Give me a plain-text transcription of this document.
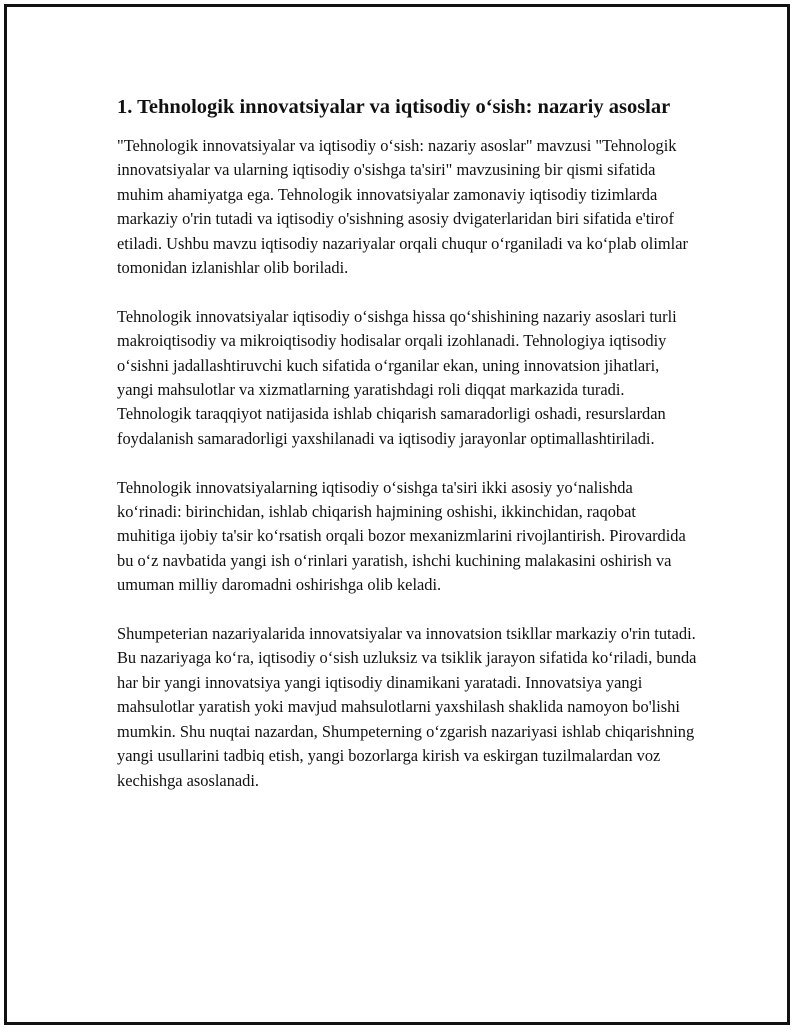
1. Tehnologik innovatsiyalar va iqtisodiy o‘sish: nazariy asoslar

"Tehnologik innovatsiyalar va iqtisodiy o‘sish: nazariy asoslar" mavzusi "Tehnologik innovatsiyalar va ularning iqtisodiy o'sishga ta'siri" mavzusining bir qismi sifatida muhim ahamiyatga ega. Tehnologik innovatsiyalar zamonaviy iqtisodiy tizimlarda markaziy o'rin tutadi va iqtisodiy o'sishning asosiy dvigaterlaridan biri sifatida e'tirof etiladi. Ushbu mavzu iqtisodiy nazariyalar orqali chuqur o‘rganiladi va ko‘plab olimlar tomonidan izlanishlar olib boriladi.

Tehnologik innovatsiyalar iqtisodiy o‘sishga hissa qo‘shishining nazariy asoslari turli makroiqtisodiy va mikroiqtisodiy hodisalar orqali izohlanadi. Tehnologiya iqtisodiy o‘sishni jadallashtiruvchi kuch sifatida o‘rganilar ekan, uning innovatsion jihatlari, yangi mahsulotlar va xizmatlarning yaratishdagi roli diqqat markazida turadi. Tehnologik taraqqiyot natijasida ishlab chiqarish samaradorligi oshadi, resurslardan foydalanish samaradorligi yaxshilanadi va iqtisodiy jarayonlar optimallashtiriladi.

Tehnologik innovatsiyalarning iqtisodiy o‘sishga ta'siri ikki asosiy yo‘nalishda ko‘rinadi: birinchidan, ishlab chiqarish hajmining oshishi, ikkinchidan, raqobat muhitiga ijobiy ta'sir ko‘rsatish orqali bozor mexanizmlarini rivojlantirish. Pirovardida bu o‘z navbatida yangi ish o‘rinlari yaratish, ishchi kuchining malakasini oshirish va umuman milliy daromadni oshirishga olib keladi.

Shumpeterian nazariyalarida innovatsiyalar va innovatsion tsikllar markaziy o'rin tutadi. Bu nazariyaga ko‘ra, iqtisodiy o‘sish uzluksiz va tsiklik jarayon sifatida ko‘riladi, bunda har bir yangi innovatsiya yangi iqtisodiy dinamikani yaratadi. Innovatsiya yangi mahsulotlar yaratish yoki mavjud mahsulotlarni yaxshilash shaklida namoyon bo'lishi mumkin. Shu nuqtai nazardan, Shumpeterning o‘zgarish nazariyasi ishlab chiqarishning yangi usullarini tadbiq etish, yangi bozorlarga kirish va eskirgan tuzilmalardan voz kechishga asoslanadi.
